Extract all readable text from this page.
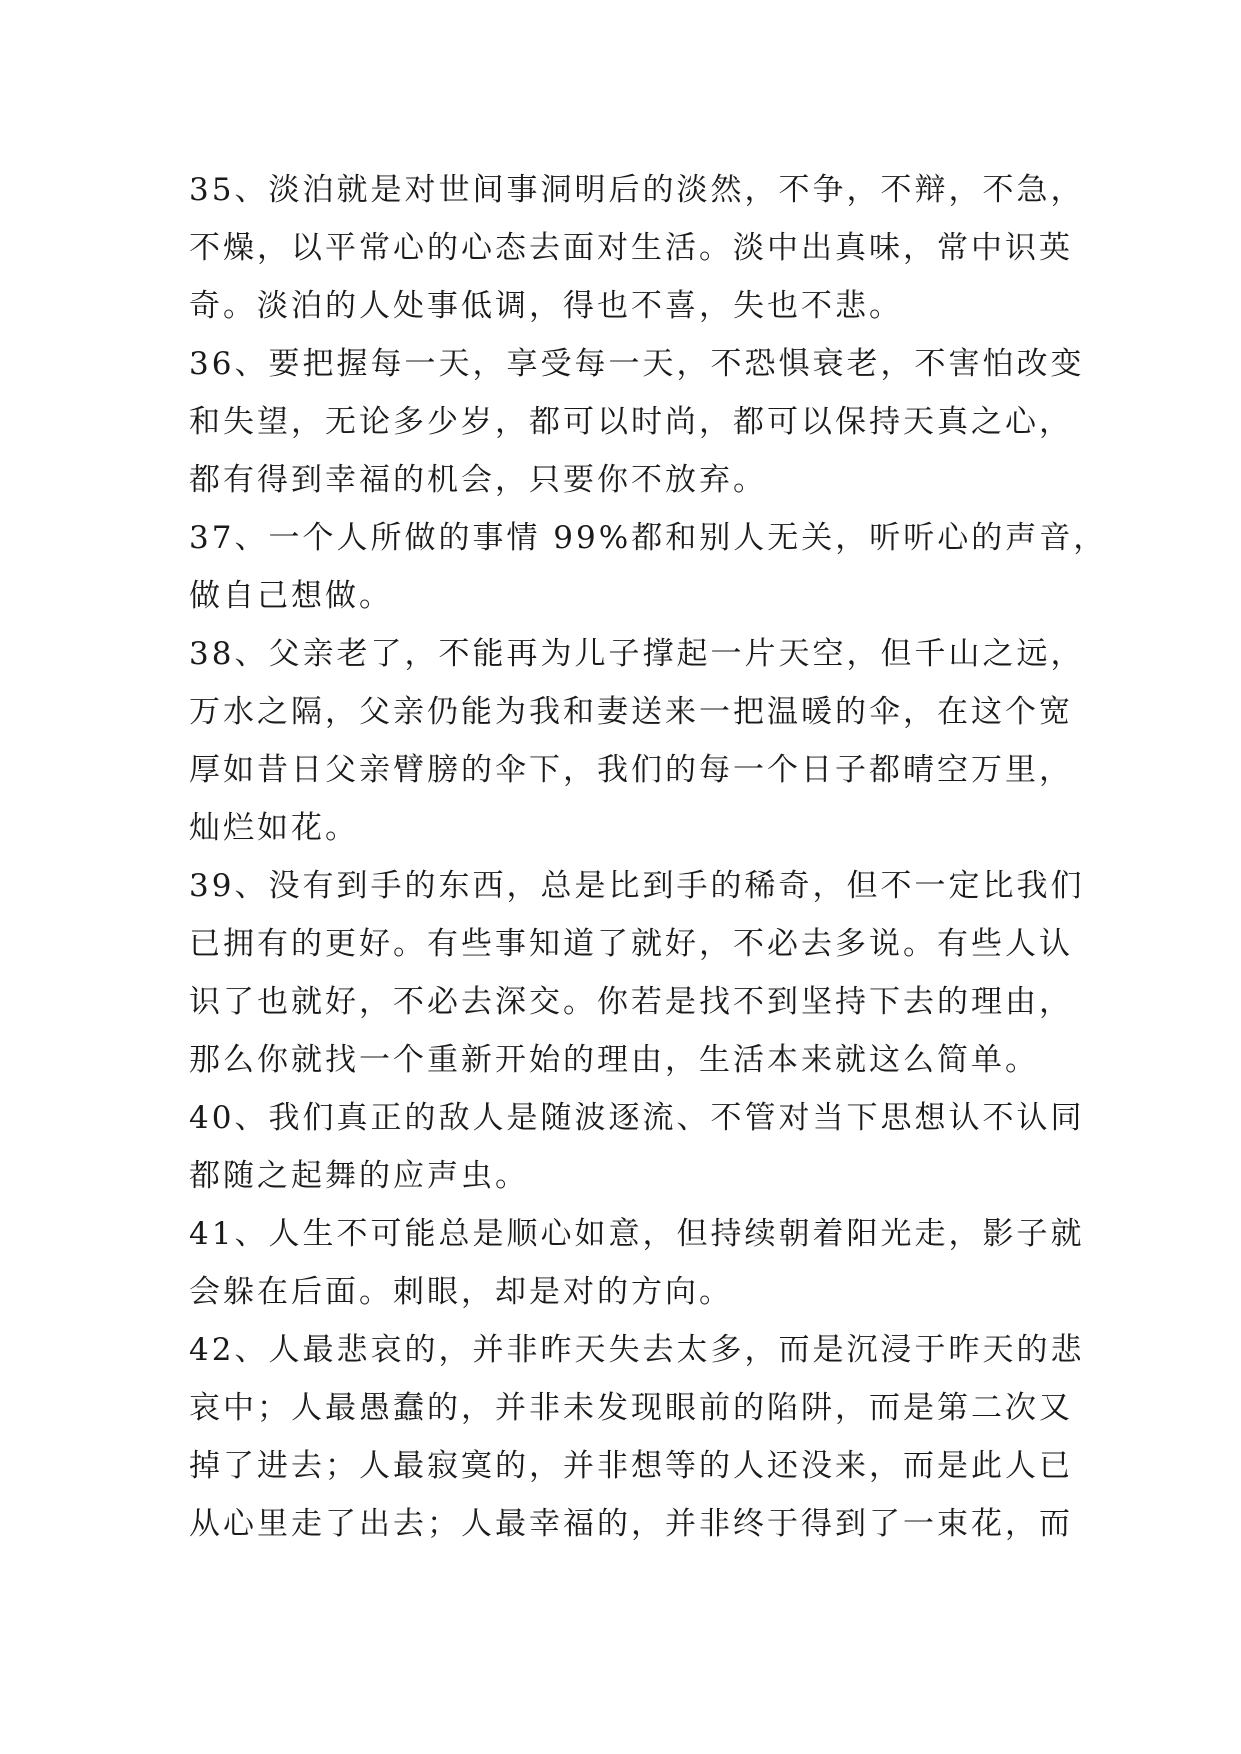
35、淡泊就是对世间事洞明后的淡然，不争，不辩，不急，
不燥，以平常心的心态去面对生活。淡中出真味，常中识英
奇。淡泊的人处事低调，得也不喜，失也不悲。
36、要把握每一天，享受每一天，不恐惧衰老，不害怕改变
和失望，无论多少岁，都可以时尚，都可以保持天真之心，
都有得到幸福的机会，只要你不放弃。
37、一个人所做的事情 99%都和别人无关，听听心的声音，
做自己想做。
38、父亲老了，不能再为儿子撑起一片天空，但千山之远，
万水之隔，父亲仍能为我和妻送来一把温暖的伞，在这个宽
厚如昔日父亲臂膀的伞下，我们的每一个日子都晴空万里，
灿烂如花。
39、没有到手的东西，总是比到手的稀奇，但不一定比我们
已拥有的更好。有些事知道了就好，不必去多说。有些人认
识了也就好，不必去深交。你若是找不到坚持下去的理由，
那么你就找一个重新开始的理由，生活本来就这么简单。
40、我们真正的敌人是随波逐流、不管对当下思想认不认同
都随之起舞的应声虫。
41、人生不可能总是顺心如意，但持续朝着阳光走，影子就
会躲在后面。刺眼，却是对的方向。
42、人最悲哀的，并非昨天失去太多，而是沉浸于昨天的悲
哀中；人最愚蠢的，并非未发现眼前的陷阱，而是第二次又
掉了进去；人最寂寞的，并非想等的人还没来，而是此人已
从心里走了出去；人最幸福的，并非终于得到了一束花，而
